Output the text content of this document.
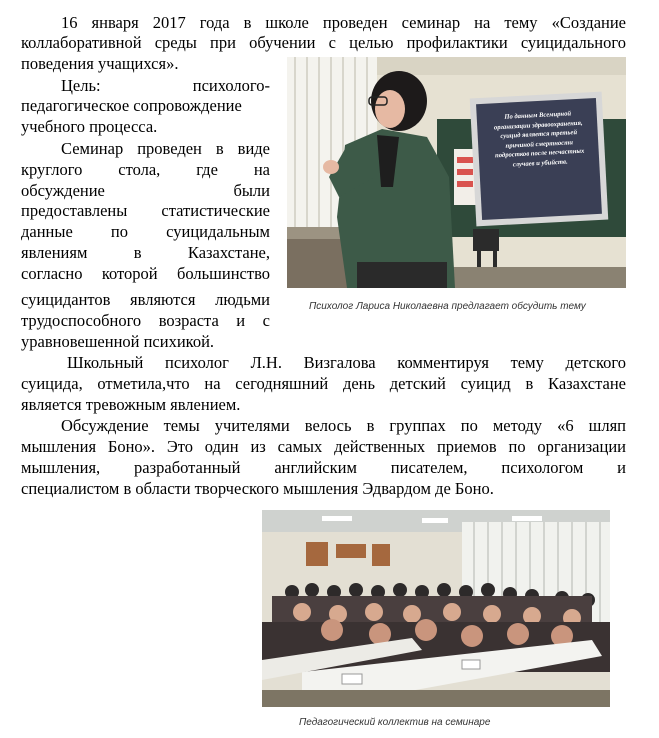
16 января 2017 года в школе проведен семинар на тему «Создание

коллаборативной среды при обучении с целью профилактики суицидального

поведения учащихся».

Цель: психолого-

педагогическое сопровождение

учебного процесса.

Семинар проведен в виде

круглого стола, где на

обсуждение были

предоставлены статистические

данные по суицидальным

явлениям в Казахстане,

согласно которой большинство

суицидантов являются людьми

трудоспособного возраста и с

уравновешенной психикой.

По данным Всемирной
организации здравоохранения,
суицид является третьей
причиной смертности
подростков после несчастных
случаев и убийств.
Психолог Лариса Николаевна предлагает обсудить тему

Школьный психолог Л.Н. Визгалова комментируя тему детского

суицида, отметила,что на сегодняшний день детский суицид в Казахстане

является тревожным явлением.

Обсуждение темы учителями велось в группах по методу «6 шляп

мышления Боно». Это один из самых действенных приемов по организации

мышления, разработанный английским писателем, психологом и

специалистом в области творческого мышления Эдвардом де Боно.

Педагогический коллектив на семинаре
